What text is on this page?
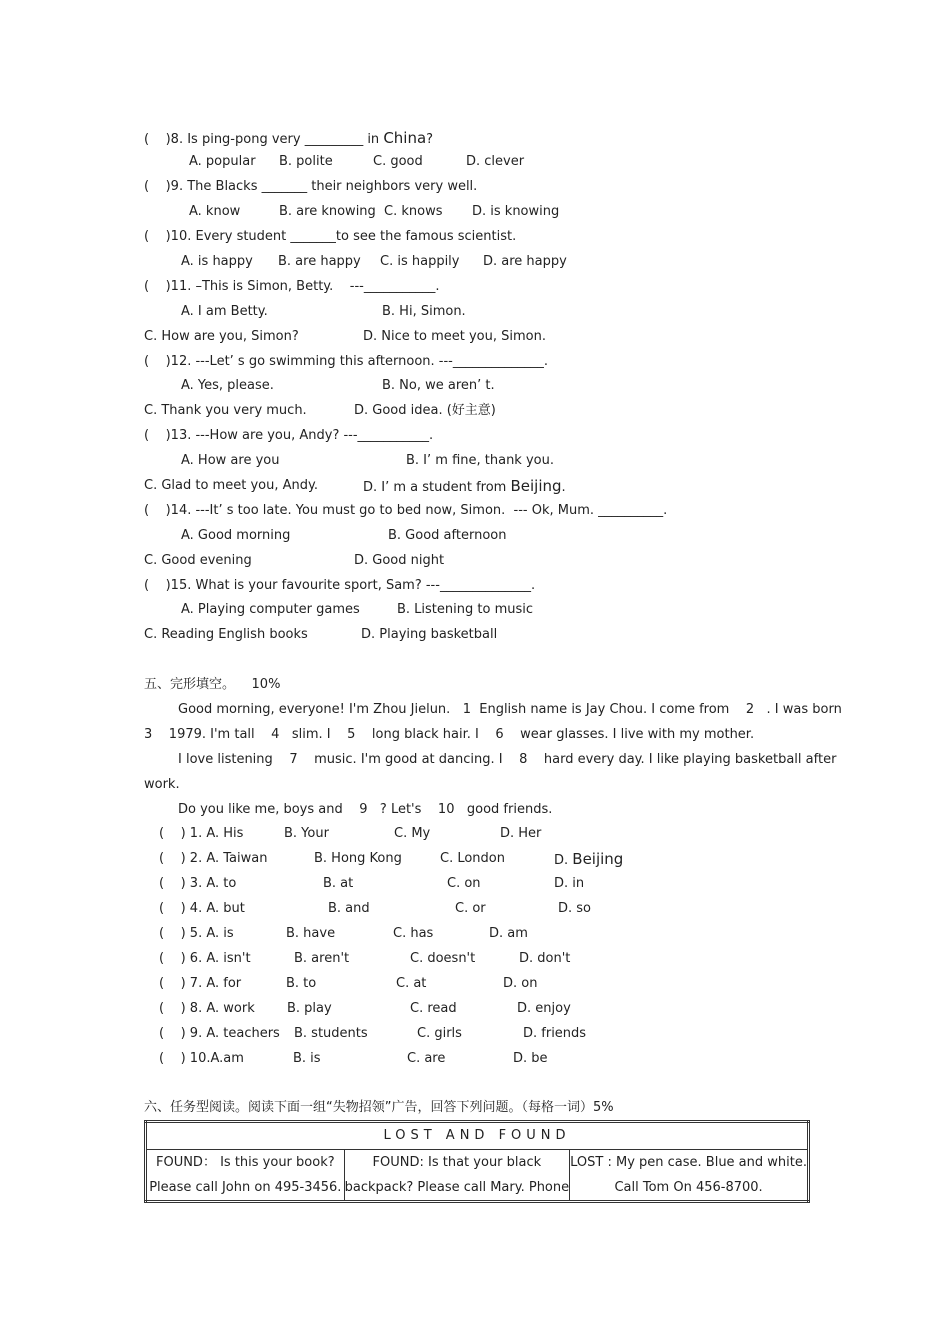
( )8. Is ping-pong very _________ in China?
A. popular B. polite	C. good	D. clever
( )9. The Blacks _______ their neighbors very well.
A. know	B. are knowing C. knows D. is knowing
( )10. Every student _______to see the famous scientist.
A. is happy B. are happy C. is happily D. are happy
( )11. –This is Simon, Betty.    ---___________.
A. I am Betty.	B. Hi, Simon.
C. How are you, Simon?	D. Nice to meet you, Simon.
( )12. ---Let’ s go swimming this afternoon. ---______________.
A. Yes, please.	B. No, we aren’ t.
C. Thank you very much.	D. Good idea. (好主意)
( )13. ---How are you, Andy? ---___________.
A. How are you	B. I’ m fine, thank you.
C. Glad to meet you, Andy.	D. I’ m a student from Beijing.
( )14. ---It’ s too late. You must go to bed now, Simon.  --- Ok, Mum. __________.
A. Good morning	B. Good afternoon
C. Good evening	D. Good night
( )15. What is your favourite sport, Sam? ---______________.
A. Playing computer games	B. Listening to music
C. Reading English books	D. Playing basketball
五、完形填空。    10%
Good morning, everyone! I'm Zhou Jielun.   1  English name is Jay Chou. I come from    2   . I was born
3    1979. I'm tall    4   slim. I    5    long black hair. I    6    wear glasses. I live with my mother.
I love listening    7    music. I'm good at dancing. I    8    hard every day. I like playing basketball after
work.
Do you like me, boys and    9   ? Let's    10   good friends.
(    ) 1. A. His	B. Your	C. My	D. Her
(    ) 2. A. Taiwan	B. Hong Kong	C. London	D. Beijing
(    ) 3. A. to	B. at	C. on	D. in
(    ) 4. A. but	B. and	C. or	D. so
(    ) 5. A. is	B. have	C. has	D. am
(    ) 6. A. isn't	B. aren't	C. doesn't	D. don't
(    ) 7. A. for	B. to	C. at	D. on
(    ) 8. A. work B. play	C. read	D. enjoy
(    ) 9. A. teachers B. students	C. girls	D. friends
(    ) 10.A.am	B. is	C. are	D. be
六、任务型阅读。阅读下面一组“失物招领”广告，回答下列问题。（每格一词）5%
LOST AND FOUND

FOUND： Is this your book?
Please call John on 495-3456.

FOUND: Is that your black
backpack? Please call Mary. Phone

LOST : My pen case. Blue and white.
Call Tom On 456-8700.
